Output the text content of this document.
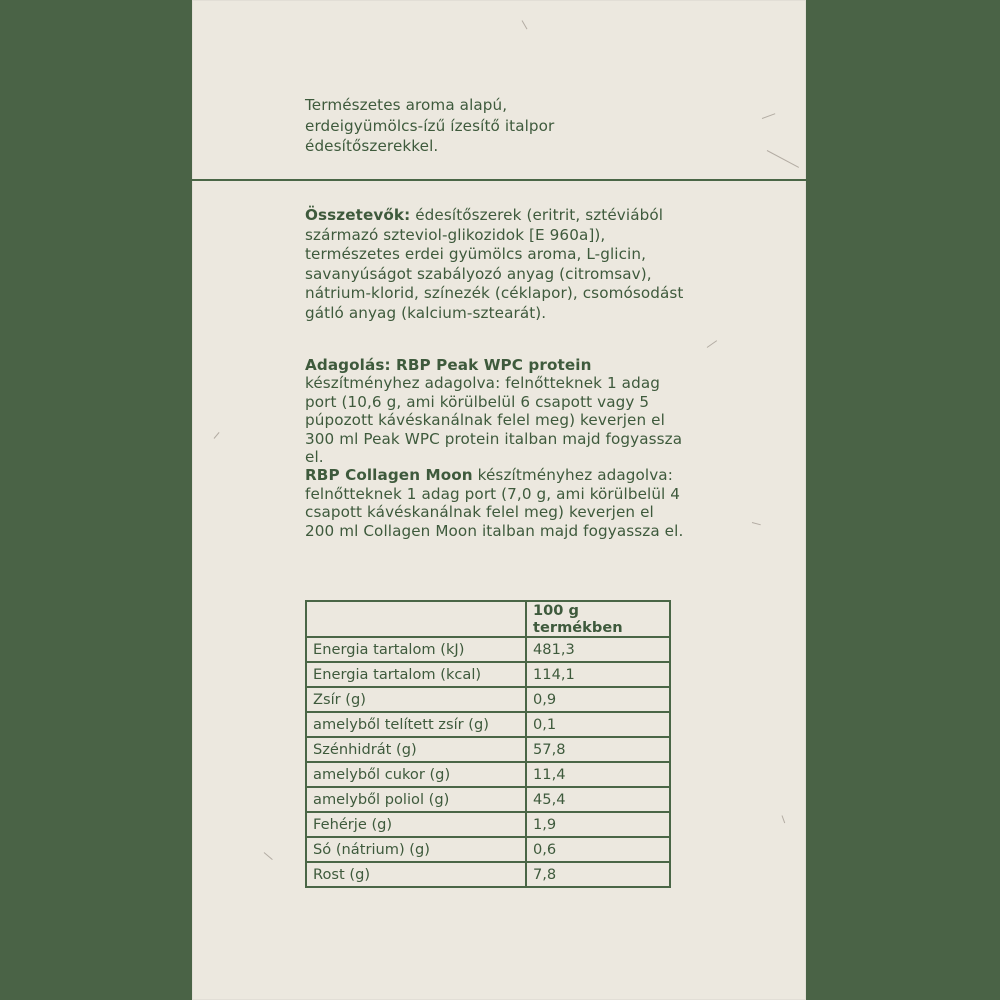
Természetes aroma alapú,
erdeigyümölcs-ízű ízesítő italpor
édesítőszerekkel.

Összetevők: édesítőszerek (eritrit, sztéviából származó szteviol-glikozidok [E 960a]), természetes erdei gyümölcs aroma, L-glicin, savanyúságot szabályozó anyag (citromsav), nátrium-klorid, színezék (céklapor), csomósodást gátló anyag (kalcium-sztearát).

Adagolás: RBP Peak WPC protein készítményhez adagolva: felnőtteknek 1 adag port (10,6 g, ami körülbelül 6 csapott vagy 5 púpozott kávéskanálnak felel meg) keverjen el 300 ml Peak WPC protein italban majd fogyassza el.
RBP Collagen Moon készítményhez adagolva: felnőtteknek 1 adag port (7,0 g, ami körülbelül 4 csapott kávéskanálnak felel meg) keverjen el 200 ml Collagen Moon italban majd fogyassza el.

	100 g termékben
Energia tartalom (kJ)	481,3
Energia tartalom (kcal)	114,1
Zsír (g)	0,9
amelyből telített zsír (g)	0,1
Szénhidrát (g)	57,8
amelyből cukor (g)	11,4
amelyből poliol (g)	45,4
Fehérje (g)	1,9
Só (nátrium) (g)	0,6
Rost (g)	7,8
